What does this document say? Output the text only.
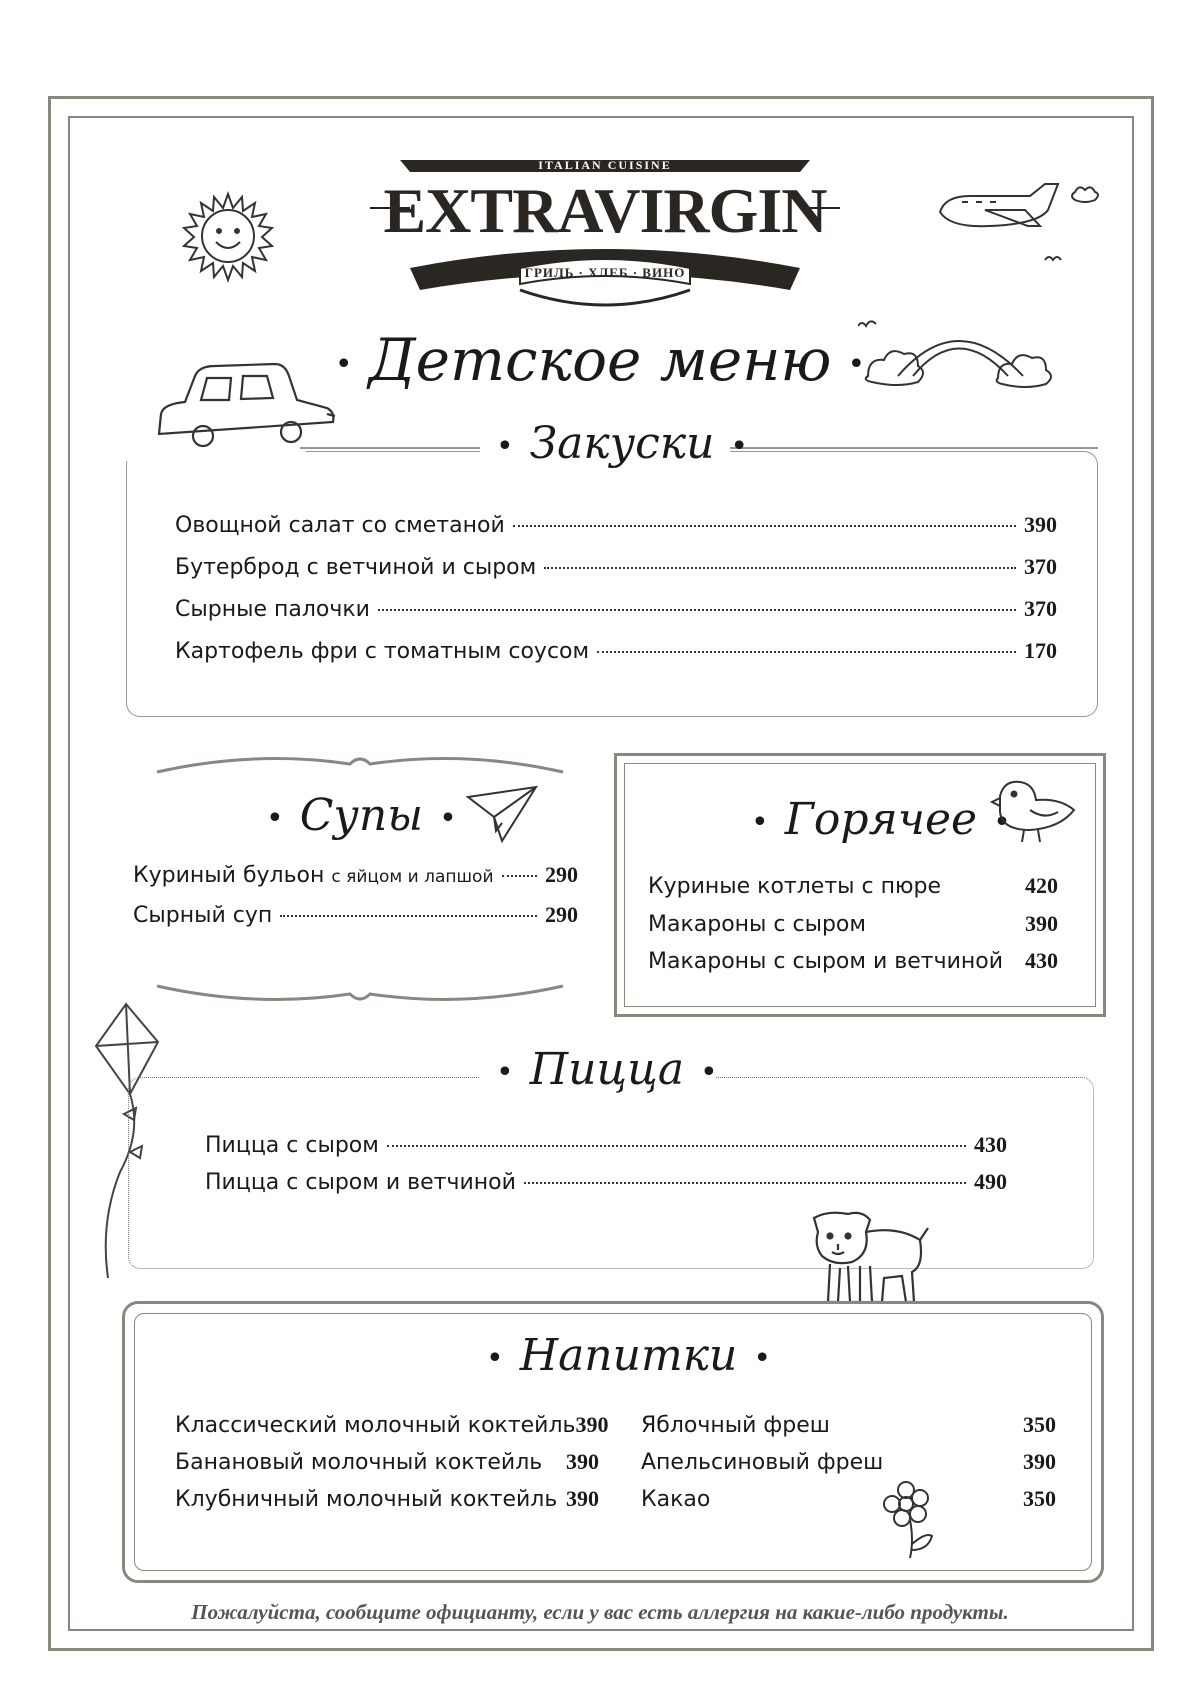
ITALIAN CUISINE
EXTRAVIRGIN
ГРИЛЬ · ХЛЕБ · ВИНО
• Детское меню •
• Закуски •
Овощной салат со сметаной	390
Бутерброд с ветчиной и сыром	370
Сырные палочки	370
Картофель фри с томатным соусом	170
• Супы •
Куриный бульон с яйцом и лапшой 290
Сырный суп	290
• Горячее •
Куриные котлеты с пюре	420
Макароны с сыром	390
Макароны с сыром и ветчиной 430
• Пицца •
Пицца с сыром	430
Пицца с сыром и ветчиной	490
• Напитки •
Классический молочный коктейль 390
Банановый молочный коктейль 390
Клубничный молочный коктейль 390
Яблочный фреш	350
Апельсиновый фреш	390
Какао	350
Пожалуйста, сообщите официанту, если у вас есть аллергия на какие-либо продукты.
